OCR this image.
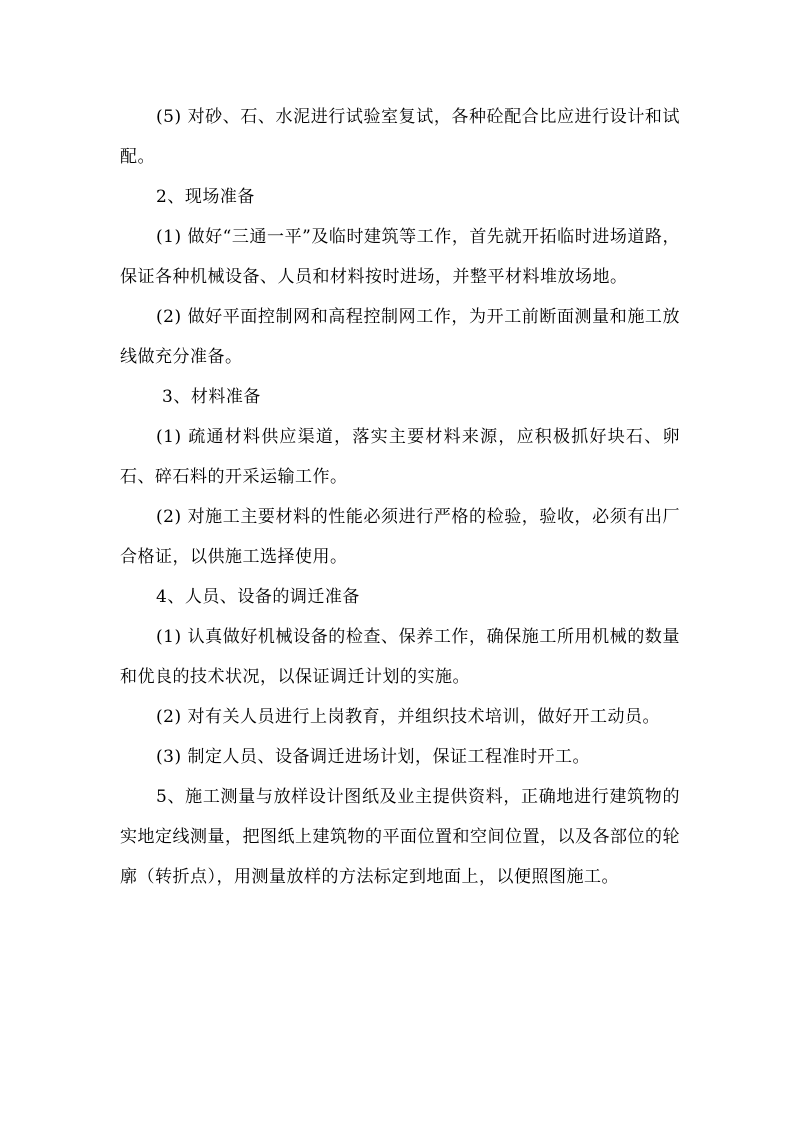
(5) 对砂、石、水泥进行试验室复试，各种砼配合比应进行设计和试配。

2、现场准备

(1) 做好“三通一平”及临时建筑等工作，首先就开拓临时进场道路，保证各种机械设备、人员和材料按时进场，并整平材料堆放场地。

(2) 做好平面控制网和高程控制网工作，为开工前断面测量和施工放线做充分准备。

3、材料准备

(1) 疏通材料供应渠道，落实主要材料来源，应积极抓好块石、卵石、碎石料的开采运输工作。

(2) 对施工主要材料的性能必须进行严格的检验，验收，必须有出厂合格证，以供施工选择使用。

4、人员、设备的调迁准备

(1) 认真做好机械设备的检查、保养工作，确保施工所用机械的数量和优良的技术状况，以保证调迁计划的实施。

(2) 对有关人员进行上岗教育，并组织技术培训，做好开工动员。

(3) 制定人员、设备调迁进场计划，保证工程准时开工。

5、施工测量与放样设计图纸及业主提供资料，正确地进行建筑物的实地定线测量，把图纸上建筑物的平面位置和空间位置，以及各部位的轮廓（转折点），用测量放样的方法标定到地面上，以便照图施工。
